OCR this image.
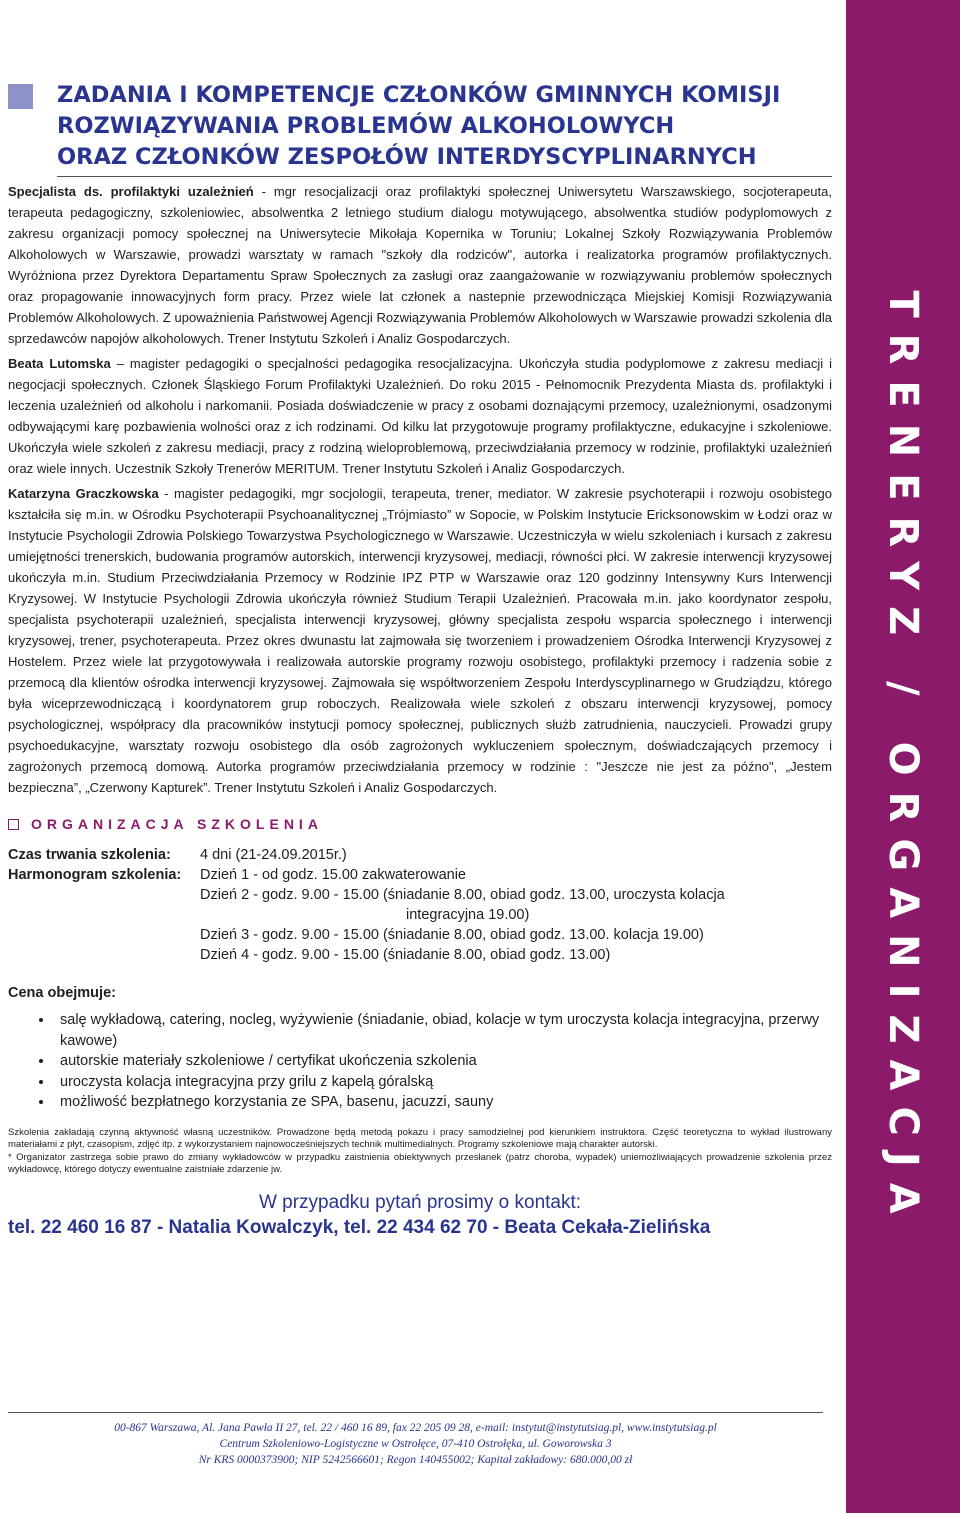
TRENERYZ / ORGANIZACJA
ZADANIA I KOMPETENCJE CZŁONKÓW GMINNYCH KOMISJI
ROZWIĄZYWANIA PROBLEMÓW ALKOHOLOWYCH
ORAZ CZŁONKÓW ZESPOŁÓW INTERDYSCYPLINARNYCH

Specjalista ds. profilaktyki uzależnień - mgr resocjalizacji oraz profilaktyki społecznej Uniwersytetu Warszawskiego, socjoterapeuta, terapeuta pedagogiczny, szkoleniowiec, absolwentka 2 letniego studium dialogu motywującego, absolwentka studiów podyplomowych z zakresu organizacji pomocy społecznej na Uniwersytecie Mikołaja Kopernika w Toruniu; Lokalnej Szkoły Rozwiązywania Problemów Alkoholowych w Warszawie, prowadzi warsztaty w ramach "szkoły dla rodziców", autorka i realizatorka programów profilaktycznych. Wyróżniona przez Dyrektora Departamentu Spraw Społecznych za zasługi oraz zaangażowanie w rozwiązywaniu problemów społecznych oraz propagowanie innowacyjnych form pracy. Przez wiele lat członek a nastepnie przewodnicząca Miejskiej Komisji Rozwiązywania Problemów Alkoholowych. Z upoważnienia Państwowej Agencji Rozwiązywania Problemów Alkoholowych w Warszawie prowadzi szkolenia dla sprzedawców napojów alkoholowych. Trener Instytutu Szkoleń i Analiz Gospodarczych.

Beata Lutomska – magister pedagogiki o specjalności pedagogika resocjalizacyjna. Ukończyła studia podyplomowe z zakresu mediacji i negocjacji społecznych. Członek Śląskiego Forum Profilaktyki Uzależnień. Do roku 2015 - Pełnomocnik Prezydenta Miasta ds. profilaktyki i leczenia uzależnień od alkoholu i narkomanii. Posiada doświadczenie w pracy z osobami doznającymi przemocy, uzależnionymi, osadzonymi odbywającymi karę pozbawienia wolności oraz z ich rodzinami. Od kilku lat przygotowuje programy profilaktyczne, edukacyjne i szkoleniowe. Ukończyła wiele szkoleń z zakresu mediacji, pracy z rodziną wieloproblemową, przeciwdziałania przemocy w rodzinie, profilaktyki uzależnień oraz wiele innych. Uczestnik Szkoły Trenerów MERITUM. Trener Instytutu Szkoleń i Analiz Gospodarczych.

Katarzyna Graczkowska - magister pedagogiki, mgr socjologii, terapeuta, trener, mediator. W zakresie psychoterapii i rozwoju osobistego kształciła się m.in. w Ośrodku Psychoterapii Psychoanalitycznej „Trójmiasto” w Sopocie, w Polskim Instytucie Ericksonowskim w Łodzi oraz w Instytucie Psychologii Zdrowia Polskiego Towarzystwa Psychologicznego w Warszawie. Uczestniczyła w wielu szkoleniach i kursach z zakresu umiejętności trenerskich, budowania programów autorskich, interwencji kryzysowej, mediacji, równości płci. W zakresie interwencji kryzysowej ukończyła m.in. Studium Przeciwdziałania Przemocy w Rodzinie IPZ PTP w Warszawie oraz 120 godzinny Intensywny Kurs Interwencji Kryzysowej. W Instytucie Psychologii Zdrowia ukończyła również Studium Terapii Uzależnień. Pracowała m.in. jako koordynator zespołu, specjalista psychoterapii uzależnień, specjalista interwencji kryzysowej, główny specjalista zespołu wsparcia społecznego i interwencji kryzysowej, trener, psychoterapeuta. Przez okres dwunastu lat zajmowała się tworzeniem i prowadzeniem Ośrodka Interwencji Kryzysowej z Hostelem. Przez wiele lat przygotowywała i realizowała autorskie programy rozwoju osobistego, profilaktyki przemocy i radzenia sobie z przemocą dla klientów ośrodka interwencji kryzysowej. Zajmowała się współtworzeniem Zespołu Interdyscyplinarnego w Grudziądzu, którego była wiceprzewodniczącą i koordynatorem grup roboczych. Realizowała wiele szkoleń z obszaru interwencji kryzysowej, pomocy psychologicznej, współpracy dla pracowników instytucji pomocy społecznej, publicznych służb zatrudnienia, nauczycieli. Prowadzi grupy psychoedukacyjne, warsztaty rozwoju osobistego dla osób zagrożonych wykluczeniem społecznym, doświadczających przemocy i zagrożonych przemocą domową. Autorka programów przeciwdziałania przemocy w rodzinie : "Jeszcze nie jest za późno", „Jestem bezpieczna”, „Czerwony Kapturek”. Trener Instytutu Szkoleń i Analiz Gospodarczych.

ORGANIZACJA SZKOLENIA
Czas trwania szkolenia:	4 dni (21-24.09.2015r.)
Harmonogram szkolenia:	Dzień 1 - od godz. 15.00 zakwaterowanie
Dzień 2 - godz. 9.00 - 15.00 (śniadanie 8.00, obiad godz. 13.00, uroczysta kolacja
integracyjna 19.00)
Dzień 3 - godz. 9.00 - 15.00 (śniadanie 8.00, obiad godz. 13.00. kolacja 19.00)
Dzień 4 - godz. 9.00 - 15.00 (śniadanie 8.00, obiad godz. 13.00)
Cena obejmuje:
• salę wykładową, catering, nocleg, wyżywienie (śniadanie, obiad, kolacje w tym uroczysta kolacja integracyjna, przerwy kawowe)
• autorskie materiały szkoleniowe / certyfikat ukończenia szkolenia
• uroczysta kolacja integracyjna przy grilu z kapelą góralską
• możliwość bezpłatnego korzystania ze SPA, basenu, jacuzzi, sauny
Szkolenia zakładają czynną aktywność własną uczestników. Prowadzone będą metodą pokazu i pracy samodzielnej pod kierunkiem instruktora. Część teoretyczna to wykład ilustrowany materiałami z płyt, czasopism, zdjęć itp. z wykorzystaniem najnowocześniejszych technik multimedialnych. Programy szkoleniowe mają charakter autorski.
* Organizator zastrzega sobie prawo do zmiany wykładowców w przypadku zaistnienia obiektywnych przesłanek (patrz choroba, wypadek) uniemożliwiających prowadzenie szkolenia przez wykładowcę, którego dotyczy ewentualne zaistniałe zdarzenie jw.
W przypadku pytań prosimy o kontakt:
tel. 22 460 16 87 - Natalia Kowalczyk, tel. 22 434 62 70 - Beata Cekała-Zielińska
00-867 Warszawa, Al. Jana Pawła II 27, tel. 22 / 460 16 89, fax 22 205 09 28, e-mail: instytut@instytutsiag.pl, www.instytutsiag.pl
Centrum Szkoleniowo-Logistyczne w Ostrołęce, 07-410 Ostrołęka, ul. Goworowska 3
Nr KRS 0000373900; NIP 5242566601; Regon 140455002; Kapitał zakładowy: 680.000,00 zł
